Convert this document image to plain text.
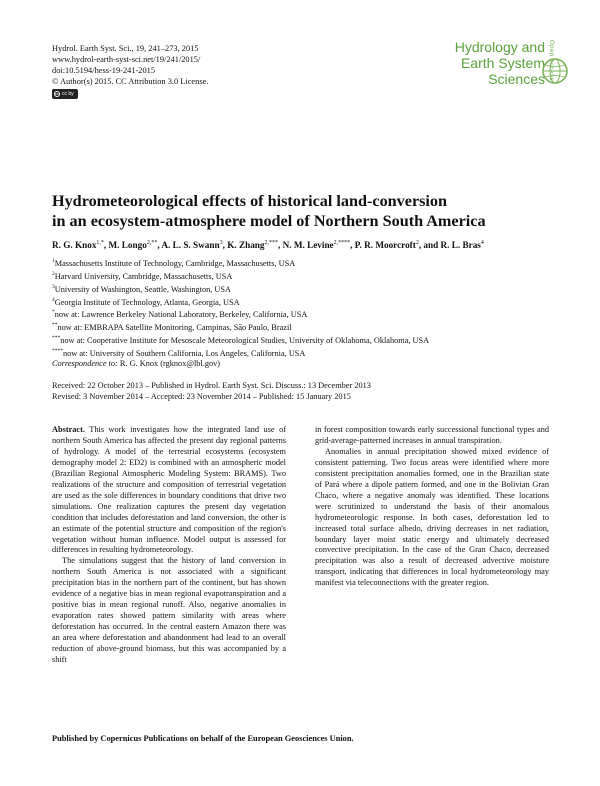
Hydrol. Earth Syst. Sci., 19, 241–273, 2015
www.hydrol-earth-syst-sci.net/19/241/2015/
doi:10.5194/hess-19-241-2015
© Author(s) 2015. CC Attribution 3.0 License.
cc cc by
Hydrology and
Earth System
Sciences Open Access
Hydrometeorological effects of historical land-conversion
in an ecosystem-atmosphere model of Northern South America
R. G. Knox$^{1,*}$, M. Longo$^{2,**}$, A. L. S. Swann$^3$, K. Zhang$^{2,***}$, N. M. Levine$^{2,****}$, P. R. Moorcroft$^2$, and R. L. Bras$^4$
$^1$Massachusetts Institute of Technology, Cambridge, Massachusetts, USA
$^2$Harvard University, Cambridge, Massachusetts, USA
$^3$University of Washington, Seattle, Washington, USA
$^4$Georgia Institute of Technology, Atlanta, Georgia, USA
*now at: Lawrence Berkeley National Laboratory, Berkeley, California, USA
**now at: EMBRAPA Satellite Monitoring, Campinas, São Paulo, Brazil
***now at: Cooperative Institute for Mesoscale Meteorological Studies, University of Oklahoma, Oklahoma, USA
****now at: University of Southern California, Los Angeles, California, USA
Correspondence to: R. G. Knox (rgknox@lbl.gov)
Received: 22 October 2013 – Published in Hydrol. Earth Syst. Sci. Discuss.: 13 December 2013
Revised: 3 November 2014 – Accepted: 23 November 2014 – Published: 15 January 2015

Abstract. This work investigates how the integrated land use of northern South America has affected the present day regional patterns of hydrology. A model of the terrestrial ecosystems (ecosystem demography model 2: ED2) is combined with an atmospheric model (Brazilian Regional Atmospheric Modeling System: BRAMS). Two realizations of the structure and composition of terrestrial vegetation are used as the sole differences in boundary conditions that drive two simulations. One realization captures the present day vegetation condition that includes deforestation and land conversion, the other is an estimate of the potential structure and composition of the region's vegetation without human influence. Model output is assessed for differences in resulting hydrometeorology.

The simulations suggest that the history of land conversion in northern South America is not associated with a significant precipitation bias in the northern part of the continent, but has shown evidence of a negative bias in mean regional evapotranspiration and a positive bias in mean regional runoff. Also, negative anomalies in evaporation rates showed pattern similarity with areas where deforestation has occurred. In the central eastern Amazon there was an area where deforestation and abandonment had lead to an overall reduction of above-ground biomass, but this was accompanied by a shift

in forest composition towards early successional functional types and grid-average-patterned increases in annual transpiration.

Anomalies in annual precipitation showed mixed evidence of consistent patterning. Two focus areas were identified where more consistent precipitation anomalies formed, one in the Brazilian state of Pará where a dipole pattern formed, and one in the Bolivian Gran Chaco, where a negative anomaly was identified. These locations were scrutinized to understand the basis of their anomalous hydrometeorologic response. In both cases, deforestation led to increased total surface albedo, driving decreases in net radiation, boundary layer moist static energy and ultimately decreased convective precipitation. In the case of the Gran Chaco, decreased precipitation was also a result of decreased advective moisture transport, indicating that differences in local hydrometeorology may manifest via teleconnections with the greater region.

Published by Copernicus Publications on behalf of the European Geosciences Union.
